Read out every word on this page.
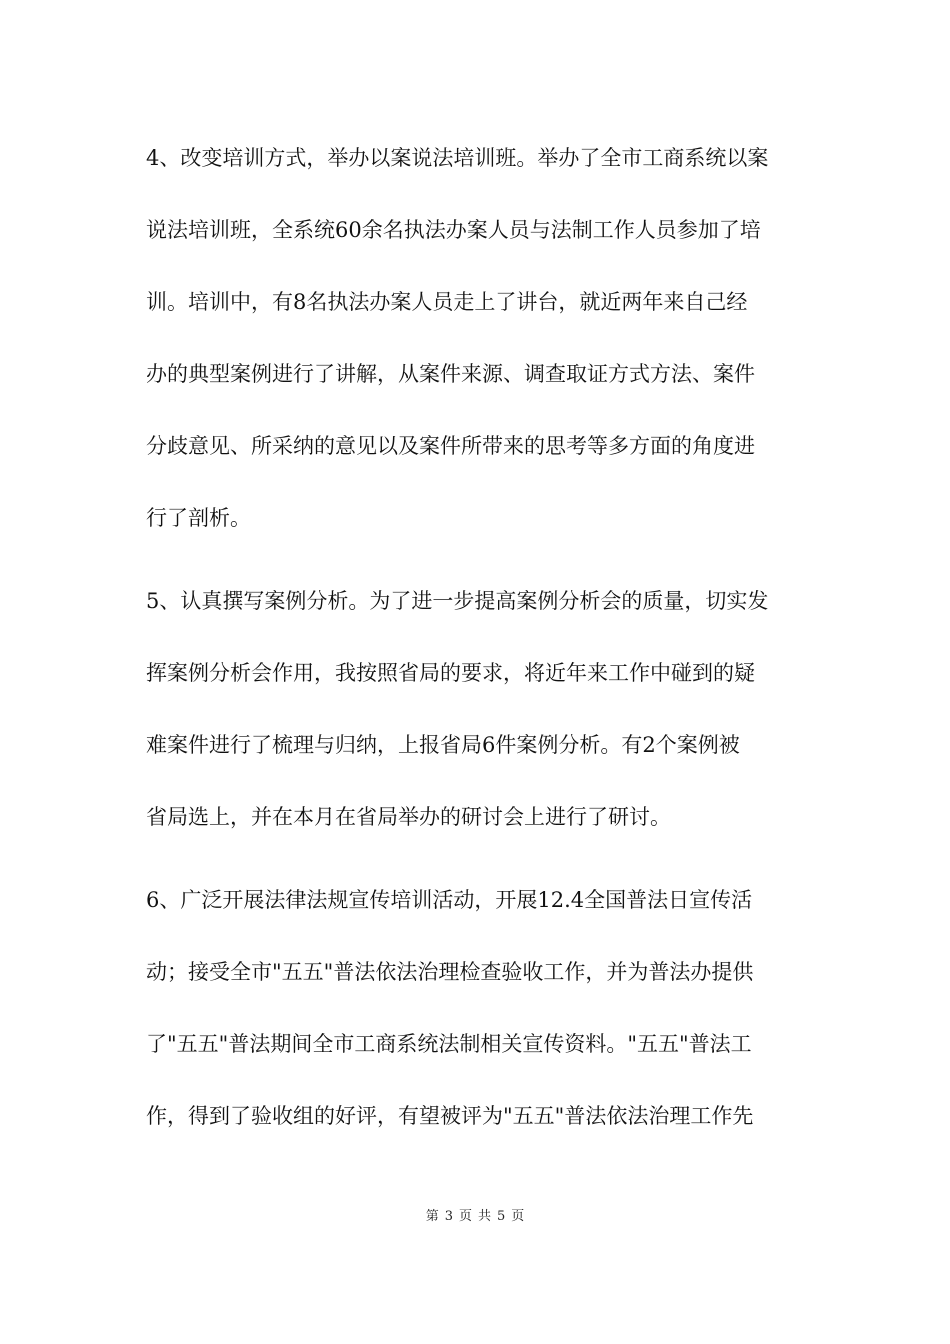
4、改变培训方式，举办以案说法培训班。举办了全市工商系统以案
说法培训班，全系统60余名执法办案人员与法制工作人员参加了培
训。培训中，有8名执法办案人员走上了讲台，就近两年来自己经
办的典型案例进行了讲解，从案件来源、调查取证方式方法、案件
分歧意见、所采纳的意见以及案件所带来的思考等多方面的角度进
行了剖析。
5、认真撰写案例分析。为了进一步提高案例分析会的质量，切实发
挥案例分析会作用，我按照省局的要求，将近年来工作中碰到的疑
难案件进行了梳理与归纳，上报省局6件案例分析。有2个案例被
省局选上，并在本月在省局举办的研讨会上进行了研讨。
6、广泛开展法律法规宣传培训活动，开展12.4全国普法日宣传活
动；接受全市"五五"普法依法治理检查验收工作，并为普法办提供
了"五五"普法期间全市工商系统法制相关宣传资料。"五五"普法工
作，得到了验收组的好评，有望被评为"五五"普法依法治理工作先
第 3 页 共 5 页
